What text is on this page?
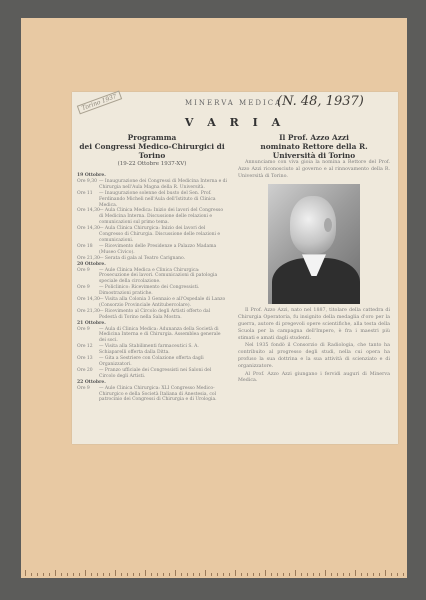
Torino 1937	MINERVA MEDICA
(N. 48, 1937)
V A R I A
Programma
dei Congressi Medico-Chirurgici di Torino
(19-22 Ottobre 1937-XV)
19 Ottobre.
Ore 9,30 — Inaugurazione dei Congressi di Medicina Interna e di Chirurgia nell'Aula Magna della R. Università.
Ore 11	— Inaugurazione solenne del busto del Sen. Prof. Ferdinando Micheli nell'Aula dell'Istituto di Clinica Medica.
Ore 14,30 — Aula Clinica Medica: Inizio dei lavori del Congresso di Medicina Interna. Discussione delle relazioni e comunicazioni sul primo tema.
Ore 14,30 — Aula Clinica Chirurgica: Inizio dei lavori del Congresso di Chirurgia. Discussione delle relazioni e comunicazioni.
Ore 18	— Ricevimento delle Presidenze a Palazzo Madama (Museo Civico).
Ore 21,30 — Serata di gala al Teatro Carignano.
20 Ottobre.
Ore 9	— Aule Clinica Medica e Clinica Chirurgica: Prosecuzione dei lavori. Comunicazioni di patologia speciale della circolazione.
Ore 9	— Policlinico: Ricevimento dei Congressisti. Dimostrazioni pratiche.
Ore 14,30 — Visita alla Colonia 3 Gennaio e all'Ospedale di Lanzo (Consorzio Provinciale Antitubercolare).
Ore 21,30 — Ricevimento al Circolo degli Artisti offerto dal Podestà di Torino nella Sala Mostra.
21 Ottobre.
Ore 9	— Aula di Clinica Medica: Adunanza della Società di Medicina Interna e di Chirurgia. Assemblea generale dei soci.
Ore 12	— Visita alla Stabilimenti farmaceutici S. A. Schiaparelli offerta dalla Ditta.
Ore 13	— Gita a Sestriere con Colazione offerta dagli Organizzatori.
Ore 20	— Pranzo ufficiale dei Congressisti nei Saloni del Circolo degli Artisti.
22 Ottobre.
Ore 9	— Aule Clinica Chirurgica: XLI Congresso Medico-Chirurgico e della Società Italiana di Anestesia, col patrocinio dei Congressi di Chirurgia e di Urologia.
Il Prof. Azzo Azzi
nominato Rettore della R. Università di Torino

Annunciamo con viva gioia la nomina a Rettore del Prof. Azzo Azzi riconosciuto al governo e al rinnovamento della R. Università di Torino.

Il Prof. Azzo Azzi, nato nel 1887, titolare della cattedra di Chirurgia Operatoria, fu insignito della medaglia d'oro per la guerra, autore di pregevoli opere scientifiche, alla testa della Scuola per la campagna dell'Impero, è fra i maestri più stimati e amati dagli studenti.

Nel 1935 fondò il Consorzio di Radiologia, che tanto ha contribuito al progresso degli studi, nella cui opera ha profuso la sua dottrina e la sua attività di scienziato e di organizzatore.

Al Prof. Azzo Azzi giungano i fervidi auguri di Minerva Medica.
